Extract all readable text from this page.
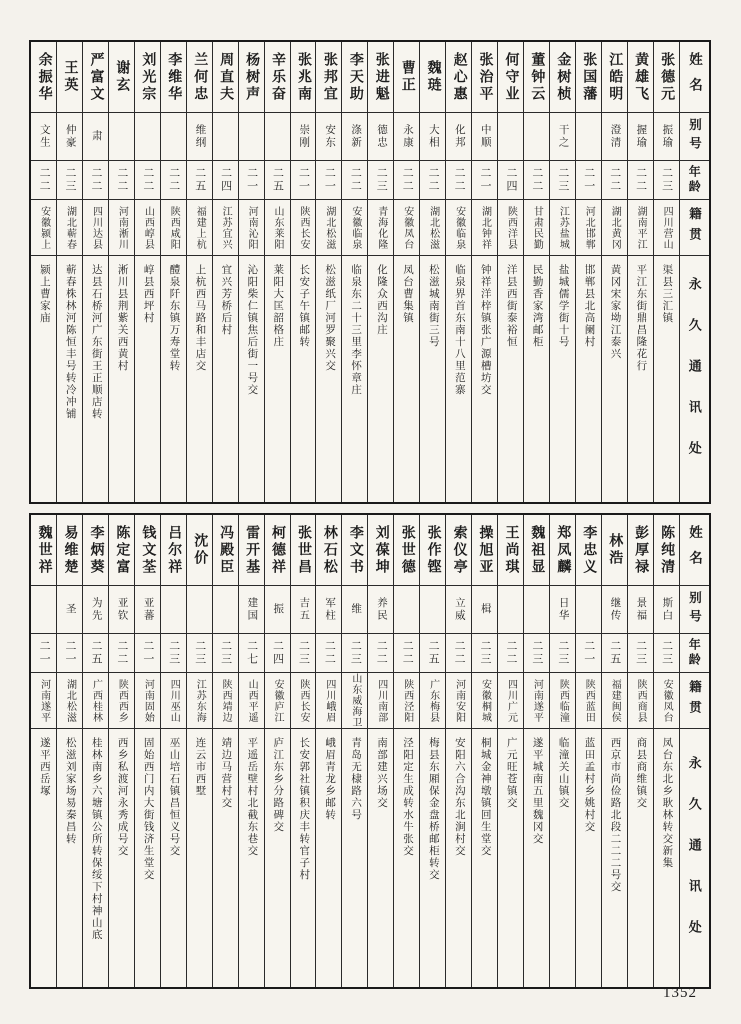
姓名
别号
年龄
籍贯
永久通讯处
张德元
振瑜
二三
四川营山
渠县三汇镇
黄雄飞
握瑜
二二
湖南平江
平江东街鼎昌隆花行
江皓明
澄清
二二
湖北黄冈
黄冈宋家坳江泰兴
张国藩
二一
河北邯郸
邯郸县北高阑村
金树桢
干之
二三
江苏盐城
盐城儒学街十号
董钟云
二二
甘肃民勤
民勤香家湾邮柜
何守业
二四
陕西洋县
洋县西街泰裕恒
张治平
中顺
二一
湖北钟祥
钟祥洋梓镇张广源槽坊交
赵心惠
化邦
二二
安徽临泉
临泉界首东南十八里范寨
魏琏
大相
二二
湖北松滋
松滋城南街三号
曹正
永康
二二
安徽凤台
凤台曹集镇
张进魁
德忠
二三
青海化隆
化隆众西沟庄
李天助
涤新
二二
安徽临泉
临泉东二十三里李怀章庄
张邦宜
安东
二一
湖北松滋
松滋纸厂河罗聚兴交
张兆南
崇刚
二一
陕西长安
长安子午镇邮转
辛乐奋
二五
山东莱阳
莱阳大匡韶格庄
杨树声
二一
河南沁阳
沁阳柴仁镇焦后街一号交
周直夫
二四
江苏宜兴
宜兴芳桥后村
兰何忠
维纲
二五
福建上杭
上杭西马路和丰店交
李维华
二二
陕西咸阳
醴泉阡东镇万寿堂转
刘光宗
二二
山西崞县
崞县西坪村
谢玄
二二
河南淅川
淅川县荆紫关西黄村
严富文
肃
二二
四川达县
达县石桥河广东街王正顺店转
王英
仲豪
二三
湖北蕲春
蕲春株林河陈恒丰号转冷冲铺
余振华
文生
二二
安徽颍上
颍上曹家庙
姓名
别号
年龄
籍贯
永久通讯处
陈纯清
斯白
二三
安徽凤台
凤台东北乡耿林转交新集
彭厚禄
景福
二三
陕西商县
商县商维镇交
林浩
继传
二五
福建闽侯
西京市尚俭路北段二二二号交
李忠义
二一
陕西蓝田
蓝田孟村乡姚村交
郑凤麟
日华
二三
陕西临潼
临潼关山镇交
魏祖显
二三
河南遂平
遂平城南五里魏冈交
王尚琪
二二
四川广元
广元旺苍镇交
操旭亚
楫
二三
安徽桐城
桐城金神墩镇回生堂交
索仪亭
立威
二二
河南安阳
安阳六合沟东北涧村交
张作铿
二五
广东梅县
梅县东厢保金盘桥邮柜转交
张世德
二二
陕西泾阳
泾阳定生成转水牛张交
刘葆坤
养民
二二
四川南部
南部建兴场交
李文书
维
二三
山东威海卫
青岛无棣路六号
林石松
军柱
二二
四川峨眉
峨眉青龙乡邮转
张世昌
吉五
二三
陕西长安
长安郭社镇积庆丰转官子村
柯德祥
振
二四
安徽庐江
庐江东乡分路碑交
雷开基
建国
二七
山西平遥
平遥岳壁村北截东巷交
冯殿臣
二三
陕西靖边
靖边马营村交
沈价
二三
江苏东海
连云市西墅
吕尔祥
二三
四川巫山
巫山培石镇昌恒义号交
钱文荃
亚蕃
二一
河南固始
固始西门内大街钱济生堂交
陈定富
亚钦
二二
陕西西乡
西乡私渡河永秀成号交
李炳葵
为先
二五
广西桂林
桂林南乡六塘镇公所转保绥下村神山底
易维楚
圣
二一
湖北松滋
松滋刘家场易秦昌转
魏世祥
二一
河南遂平
遂平西岳塚
1352
